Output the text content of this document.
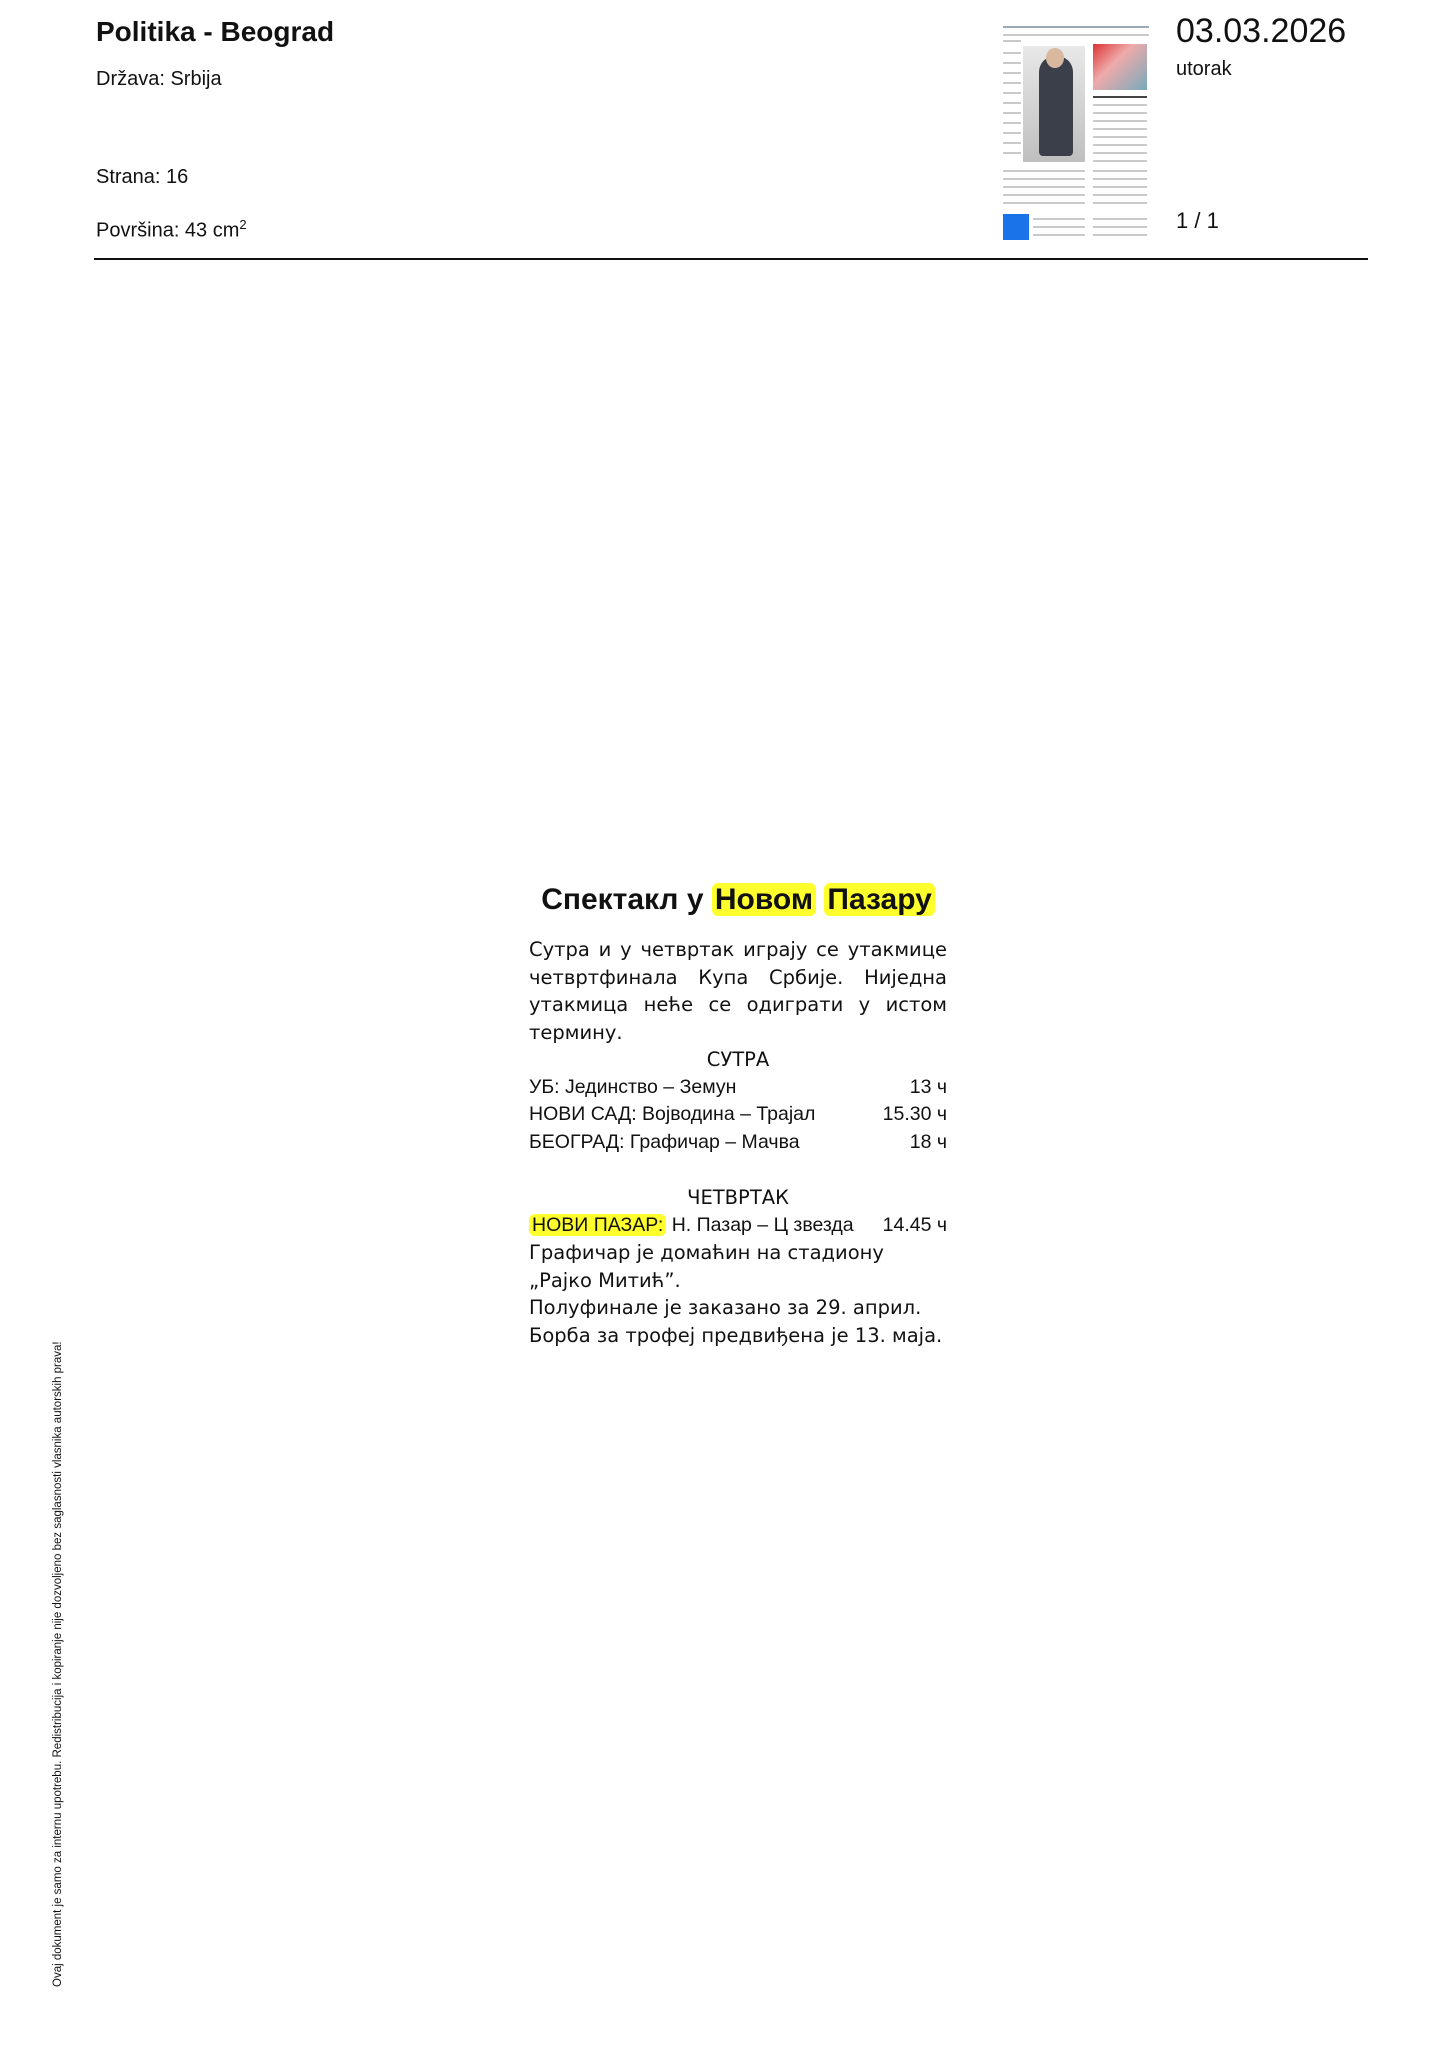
Politika - Beograd
Država: Srbija
Strana: 16
Površina: 43 $cm^2$
03.03.2026
utorak
1 / 1
Спектакл у Новом Пазару

Сутра и у четвртак играју се утакмице четвртфинала Купа Србије. Ниједна утакмица неће се одиграти у истом термину.

СУТРА
УБ: Јединство – Земун	13 ч
НОВИ САД: Војводина – Трајал	15.30 ч
БЕОГРАД: Графичар – Мачва	18 ч
ЧЕТВРТАК
НОВИ ПАЗАР: Н. Пазар – Ц звезда 14.45 ч

Графичар је домаћин на стадиону „Рајко Митић”.

Полуфинале је заказано за 29. април.

Борба за трофеј предвиђена је 13. маја.

Ovaj dokument je samo za internu upotrebu. Redistribucija i kopiranje nije dozvoljeno bez saglasnosti vlasnika autorskih prava!
